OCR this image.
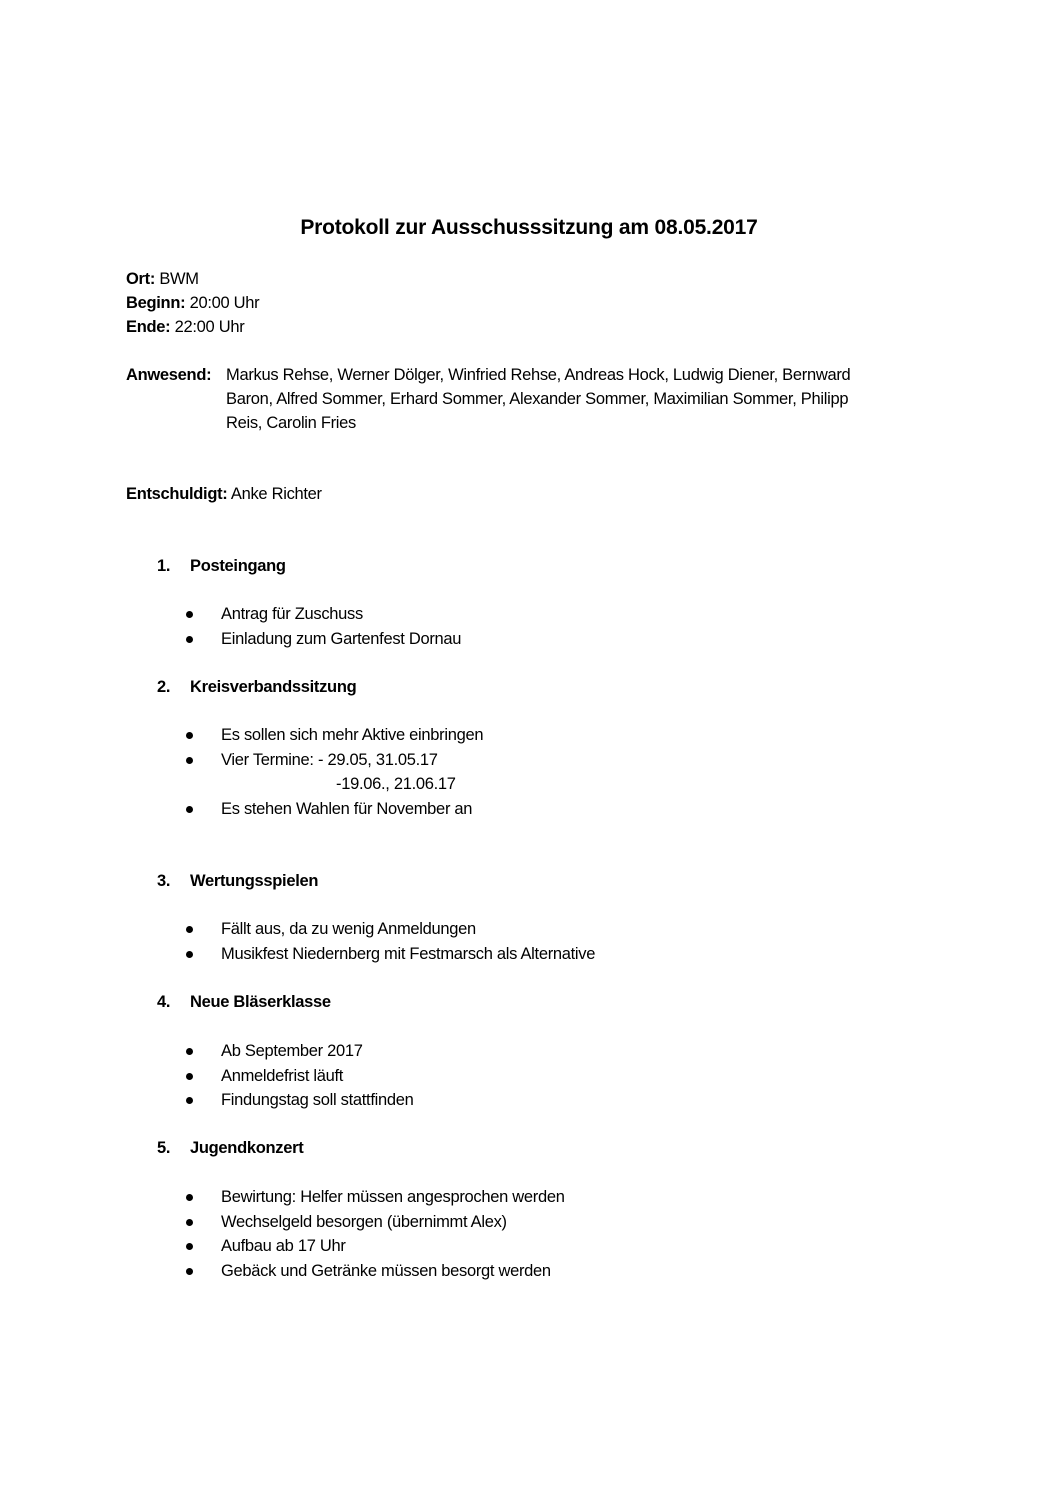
Protokoll zur Ausschusssitzung am 08.05.2017
Ort: BWM
Beginn: 20:00 Uhr
Ende: 22:00 Uhr
Anwesend: Markus Rehse, Werner Dölger, Winfried Rehse, Andreas Hock, Ludwig Diener, Bernward Baron, Alfred Sommer, Erhard Sommer, Alexander Sommer, Maximilian Sommer, Philipp Reis, Carolin Fries
Entschuldigt: Anke Richter
1. Posteingang
Antrag für Zuschuss
Einladung zum Gartenfest Dornau
2. Kreisverbandssitzung
Es sollen sich mehr Aktive einbringen
Vier Termine: - 29.05, 31.05.17
-19.06., 21.06.17
Es stehen Wahlen für November an
3. Wertungsspielen
Fällt aus, da zu wenig Anmeldungen
Musikfest Niedernberg mit Festmarsch als Alternative
4. Neue Bläserklasse
Ab September 2017
Anmeldefrist läuft
Findungstag soll stattfinden
5. Jugendkonzert
Bewirtung: Helfer müssen angesprochen werden
Wechselgeld besorgen (übernimmt Alex)
Aufbau ab 17 Uhr
Gebäck und Getränke müssen besorgt werden
